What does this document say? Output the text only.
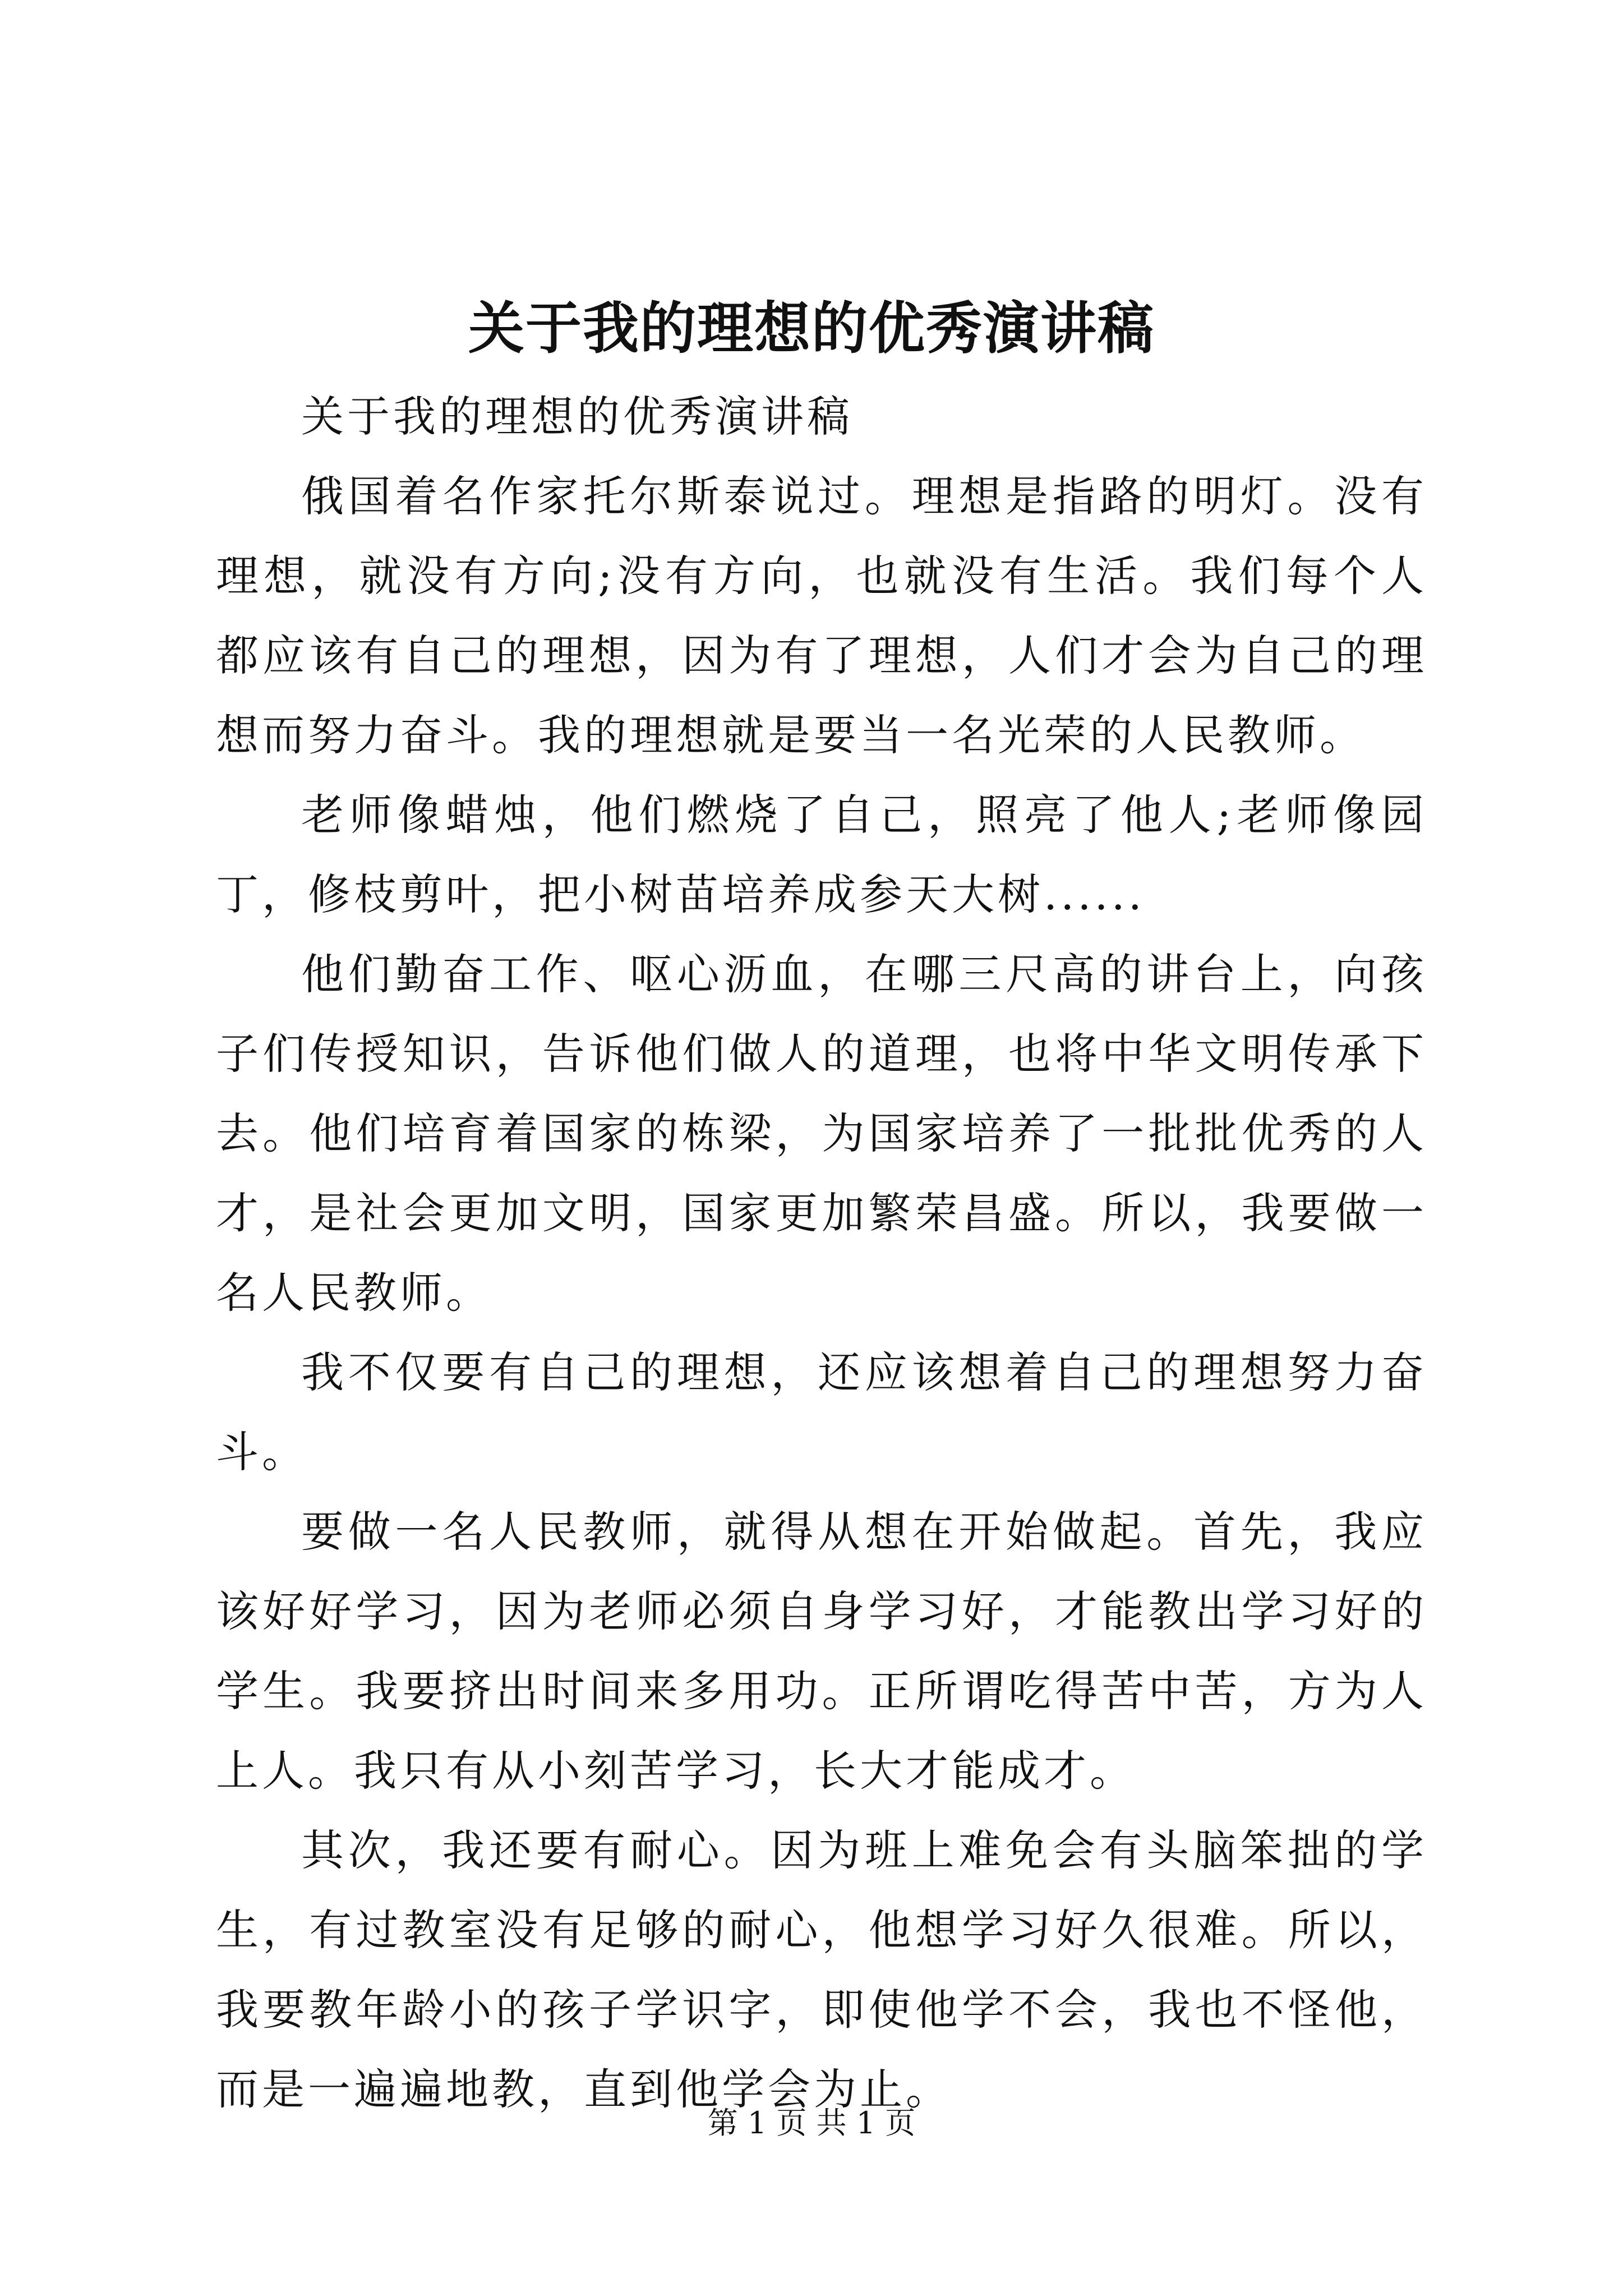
关于我的理想的优秀演讲稿

关于我的理想的优秀演讲稿

俄国着名作家托尔斯泰说过。理想是指路的明灯。没有理想，就没有方向;没有方向，也就没有生活。我们每个人都应该有自己的理想，因为有了理想，人们才会为自己的理想而努力奋斗。我的理想就是要当一名光荣的人民教师。

老师像蜡烛，他们燃烧了自己，照亮了他人;老师像园丁，修枝剪叶，把小树苗培养成参天大树......

他们勤奋工作、呕心沥血，在哪三尺高的讲台上，向孩子们传授知识，告诉他们做人的道理，也将中华文明传承下去。他们培育着国家的栋梁，为国家培养了一批批优秀的人才，是社会更加文明，国家更加繁荣昌盛。所以，我要做一名人民教师。

我不仅要有自己的理想，还应该想着自己的理想努力奋斗。

要做一名人民教师，就得从想在开始做起。首先，我应该好好学习，因为老师必须自身学习好，才能教出学习好的学生。我要挤出时间来多用功。正所谓吃得苦中苦，方为人上人。我只有从小刻苦学习，长大才能成才。

其次，我还要有耐心。因为班上难免会有头脑笨拙的学生，有过教室没有足够的耐心，他想学习好久很难。所以，我要教年龄小的孩子学识字，即使他学不会，我也不怪他，而是一遍遍地教，直到他学会为止。

第 1 页 共 1 页
